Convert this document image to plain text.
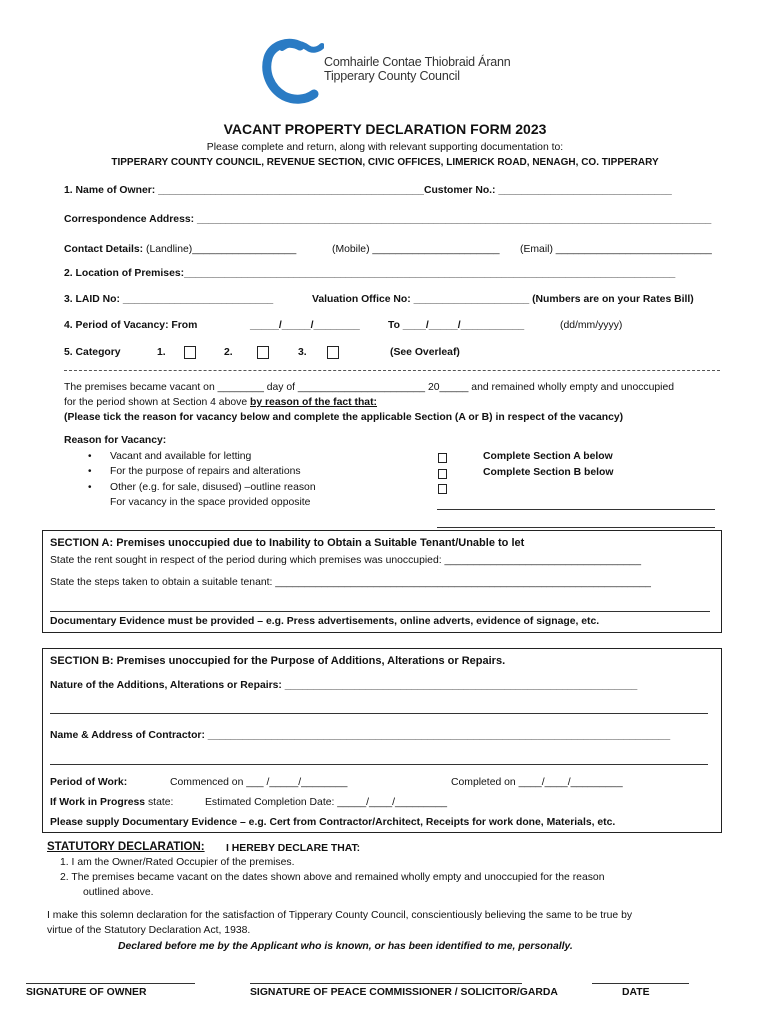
Comhairle Contae Thiobraid Árann
Tipperary County Council
VACANT PROPERTY DECLARATION FORM 2023
Please complete and return, along with relevant supporting documentation to:
TIPPERARY COUNTY COUNCIL, REVENUE SECTION, CIVIC OFFICES, LIMERICK ROAD, NENAGH, CO. TIPPERARY
1. Name of Owner: ______________________________________________Customer No.: ______________________________
Correspondence Address: _________________________________________________________________________________________
Contact Details: (Landline)__________________	(Mobile) ______________________ (Email) ___________________________
2. Location of Premises:_____________________________________________________________________________________
3. LAID No: __________________________	Valuation Office No: ____________________ (Numbers are on your Rates Bill)
4. Period of Vacancy: From	_____/_____/________	To ____/_____/___________	(dd/mm/yyyy)
5. Category	1.	2.	3.	(See Overleaf)
The premises became vacant on ________ day of ______________________ 20_____ and remained wholly empty and unoccupied
for the period shown at Section 4 above by reason of the fact that:
(Please tick the reason for vacancy below and complete the applicable Section (A or B) in respect of the vacancy)
Reason for Vacancy:
• Vacant and available for letting
• For the purpose of repairs and alterations
• Other (e.g. for sale, disused) –outline reason
For vacancy in the space provided opposite
Complete Section A below
Complete Section B below
SECTION A: Premises unoccupied due to Inability to Obtain a Suitable Tenant/Unable to let
State the rent sought in respect of the period during which premises was unoccupied: __________________________________
State the steps taken to obtain a suitable tenant: _________________________________________________________________
Documentary Evidence must be provided – e.g. Press advertisements, online adverts, evidence of signage, etc.
SECTION B: Premises unoccupied for the Purpose of Additions, Alterations or Repairs.
Nature of the Additions, Alterations or Repairs: _____________________________________________________________
Name & Address of Contractor: ________________________________________________________________________________
Period of Work:	Commenced on ___ /_____/________	Completed on ____/____/_________
If Work in Progress state:	Estimated Completion Date: _____/____/_________
Please supply Documentary Evidence – e.g. Cert from Contractor/Architect, Receipts for work done, Materials, etc.
STATUTORY DECLARATION: I HEREBY DECLARE THAT:
1. I am the Owner/Rated Occupier of the premises.
2. The premises became vacant on the dates shown above and remained wholly empty and unoccupied for the reason
outlined above.
I make this solemn declaration for the satisfaction of Tipperary County Council, conscientiously believing the same to be true by
virtue of the Statutory Declaration Act, 1938.
Declared before me by the Applicant who is known, or has been identified to me, personally.
SIGNATURE OF OWNER	SIGNATURE OF PEACE COMMISSIONER / SOLICITOR/GARDA	DATE
